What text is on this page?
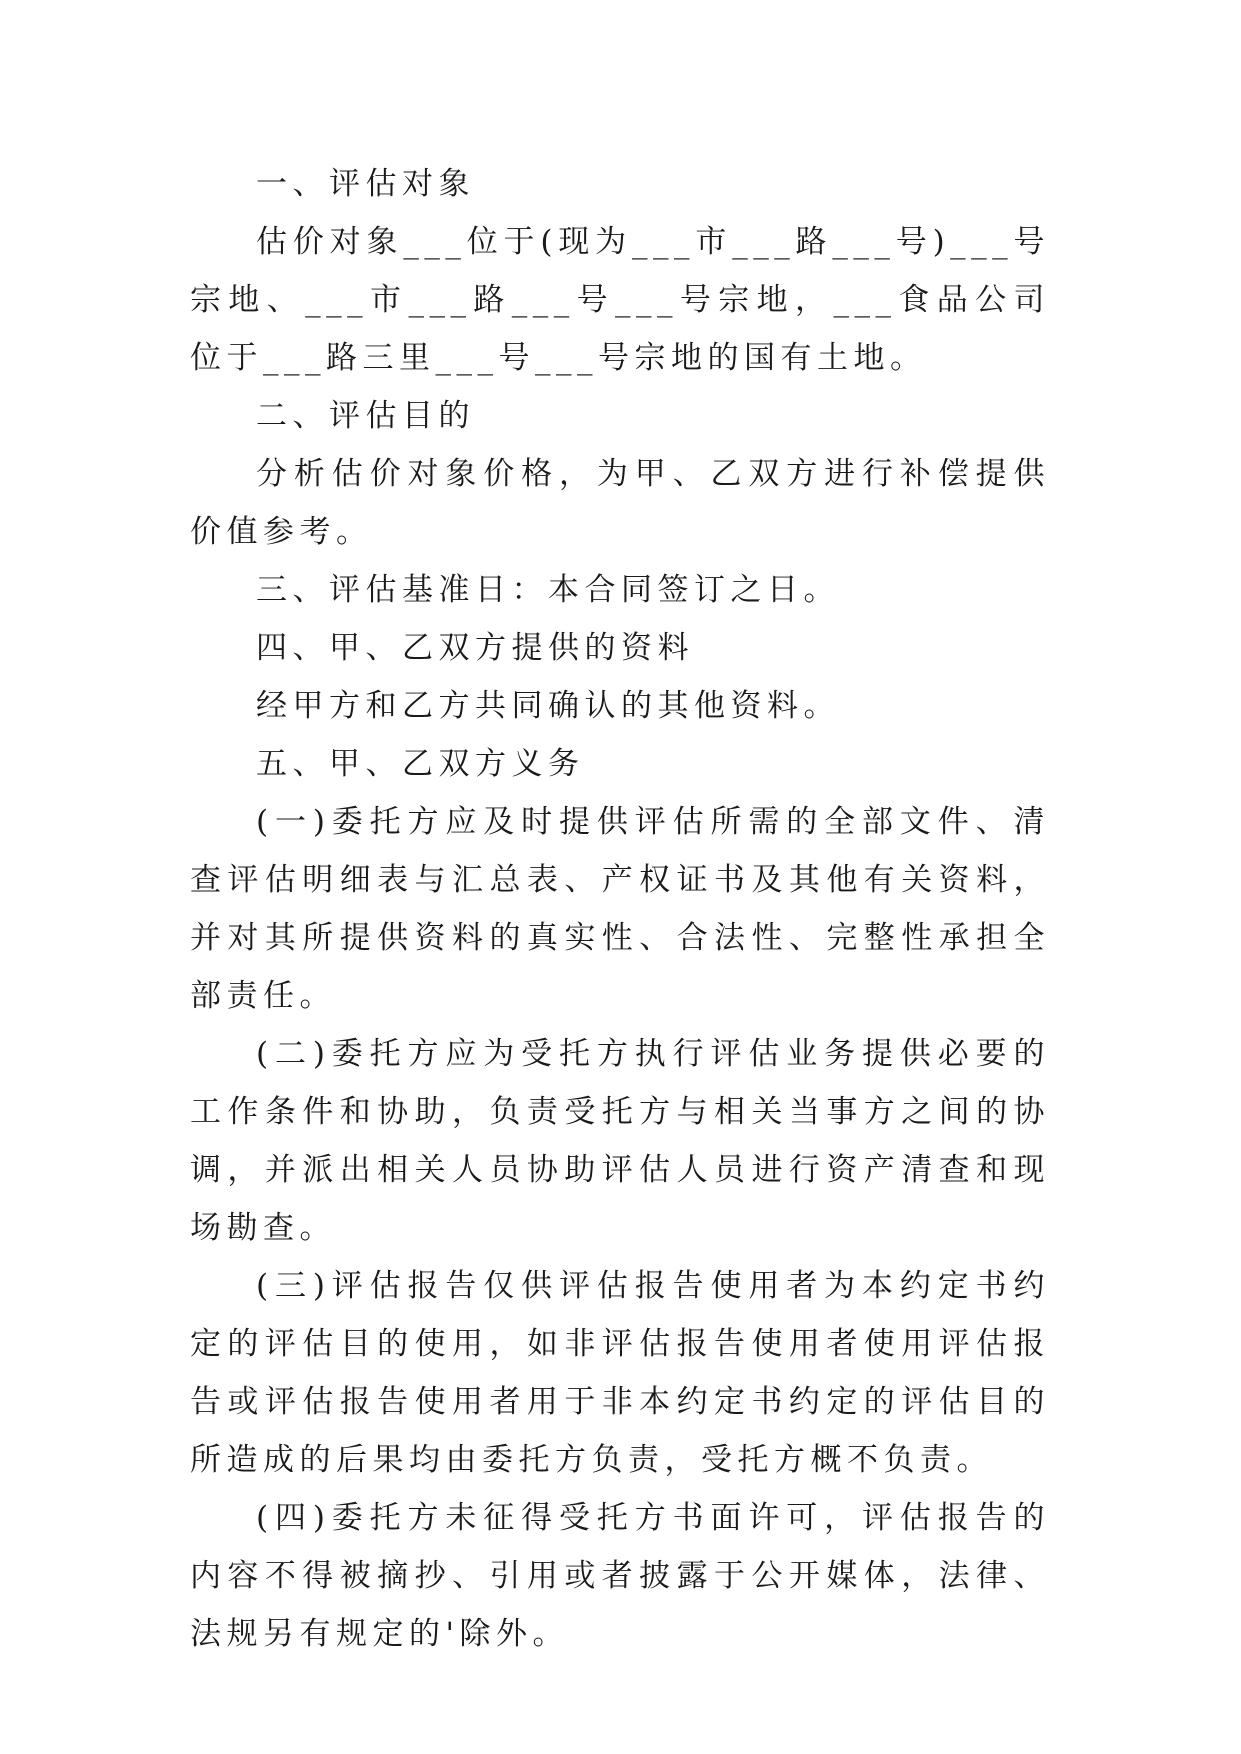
一、评估对象

估价对象___位于(现为___市___路___号)___号宗地、___市___路___号___号宗地，___食品公司位于___路三里___号___号宗地的国有土地。

二、评估目的

分析估价对象价格，为甲、乙双方进行补偿提供价值参考。

三、评估基准日：本合同签订之日。

四、甲、乙双方提供的资料

经甲方和乙方共同确认的其他资料。

五、甲、乙双方义务

(一)委托方应及时提供评估所需的全部文件、清查评估明细表与汇总表、产权证书及其他有关资料，并对其所提供资料的真实性、合法性、完整性承担全部责任。

(二)委托方应为受托方执行评估业务提供必要的工作条件和协助，负责受托方与相关当事方之间的协调，并派出相关人员协助评估人员进行资产清查和现场勘查。

(三)评估报告仅供评估报告使用者为本约定书约定的评估目的使用，如非评估报告使用者使用评估报告或评估报告使用者用于非本约定书约定的评估目的所造成的后果均由委托方负责，受托方概不负责。

(四)委托方未征得受托方书面许可，评估报告的内容不得被摘抄、引用或者披露于公开媒体，法律、法规另有规定的'除外。
